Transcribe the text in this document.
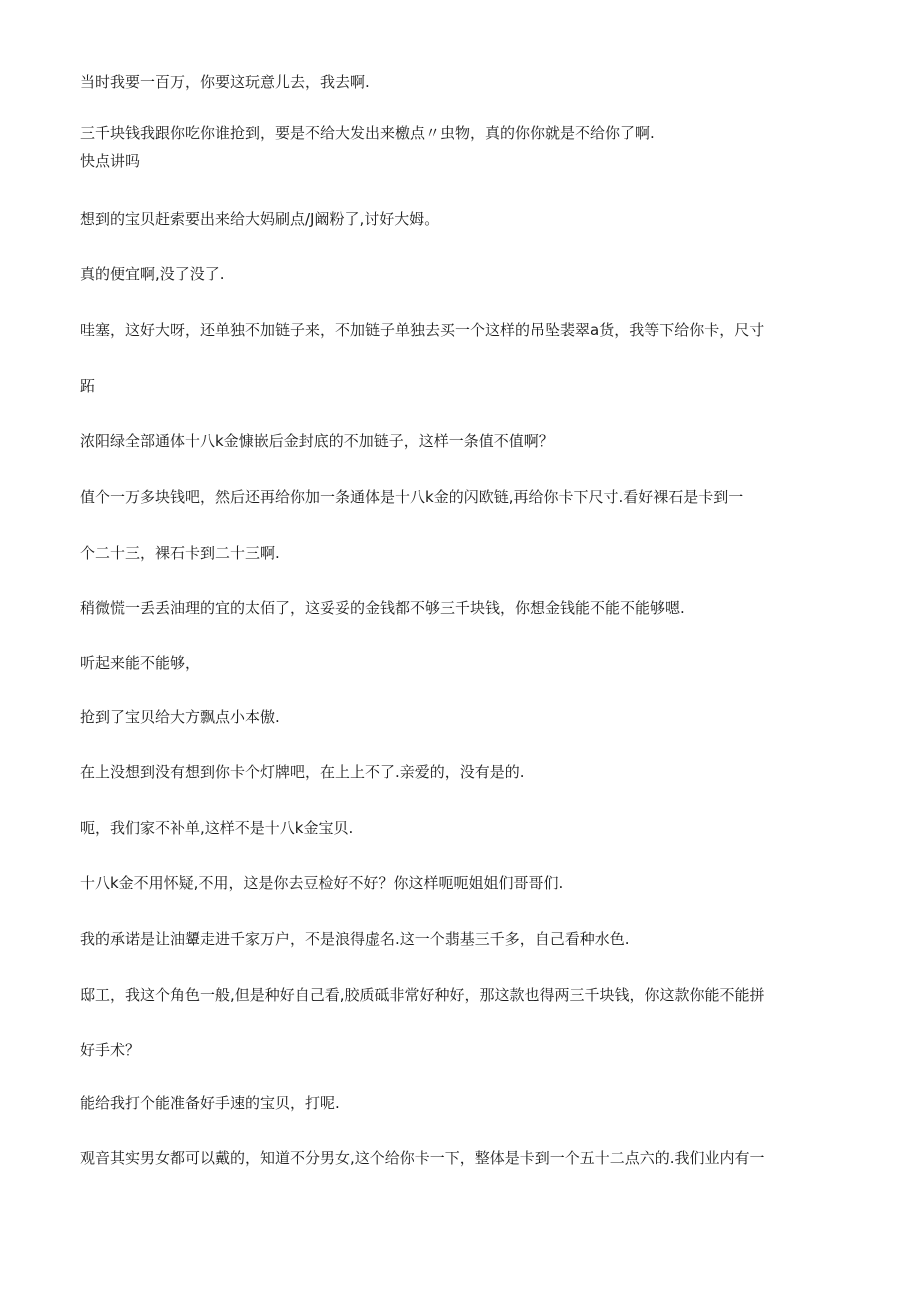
当时我要一百万，你要这玩意儿去，我去啊.
三千块钱我跟你吃你谁抢到，要是不给大发出来檄点〃虫物，真的你你就是不给你了啊.
快点讲吗
想到的宝贝赶索要出来给大妈刷点/J阚粉了,讨好大姆。
真的便宜啊,没了没了.
哇塞，这好大呀，还单独不加链子来，不加链子单独去买一个这样的吊坠裴翠a货，我等下给你卡，尺寸
跖
浓阳绿全部通体十八k金慷嵌后金封底的不加链子，这样一条值不值啊？
值个一万多块钱吧，然后还再给你加一条通体是十八k金的闪欧链,再给你卡下尺寸.看好裸石是卡到一
个二十三，裸石卡到二十三啊.
稍微慌一丢丢油理的宜的太佰了，这妥妥的金钱都不够三千块钱，你想金钱能不能不能够嗯.
听起来能不能够，
抢到了宝贝给大方飘点小本傲.
在上没想到没有想到你卡个灯牌吧，在上上不了.亲爱的，没有是的.
呃，我们家不补单,这样不是十八k金宝贝.
十八k金不用怀疑,不用，这是你去豆检好不好？你这样呃呃姐姐们哥哥们.
我的承诺是让油顰走进千家万户，不是浪得虚名.这一个翡基三千多，自己看种水色.
邸工，我这个角色一般,但是种好自己看,胶质砥非常好种好，那这款也得两三千块钱，你这款你能不能拼
好手术？
能给我打个能准备好手速的宝贝，打呢.
观音其实男女都可以戴的，知道不分男女,这个给你卡一下，整体是卡到一个五十二点六的.我们业内有一
